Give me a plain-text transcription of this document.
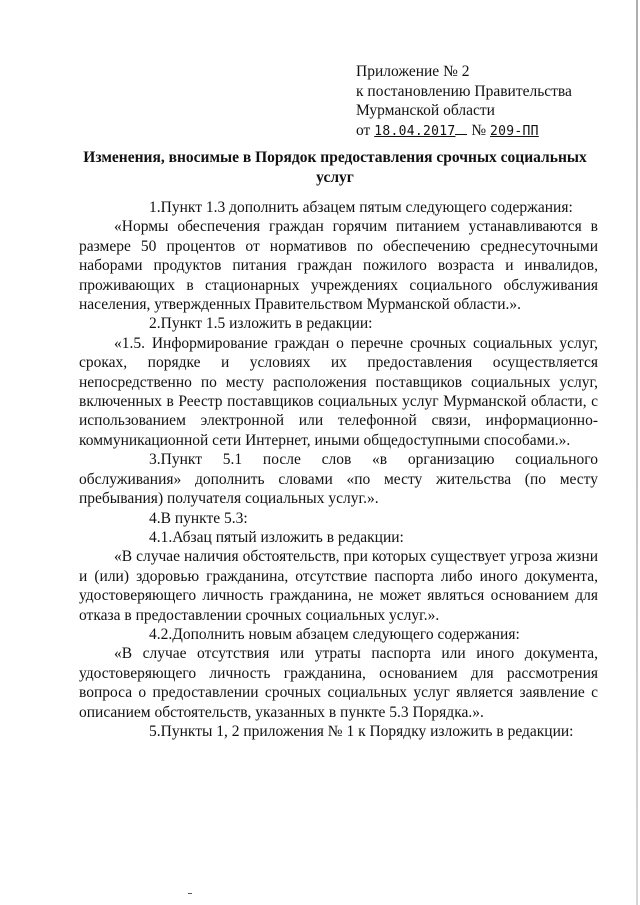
Приложение № 2
к постановлению Правительства
Мурманской области
от 18.04.2017 № 209-ПП
Изменения, вносимые в Порядок предоставления срочных социальных услуг

1.Пункт 1.3 дополнить абзацем пятым следующего содержания:

«Нормы обеспечения граждан горячим питанием устанавливаются в размере 50 процентов от нормативов по обеспечению среднесуточными наборами продуктов питания граждан пожилого возраста и инвалидов, проживающих в стационарных учреждениях социального обслуживания населения, утвержденных Правительством Мурманской области.».

2.Пункт 1.5 изложить в редакции:

«1.5. Информирование граждан о перечне срочных социальных услуг, сроках, порядке и условиях их предоставления осуществляется непосредственно по месту расположения поставщиков социальных услуг, включенных в Реестр поставщиков социальных услуг Мурманской области, с использованием электронной или телефонной связи, информационно-коммуникационной сети Интернет, иными общедоступными способами.».

3.Пункт 5.1 после слов «в организацию социального обслуживания» дополнить словами «по месту жительства (по месту пребывания) получателя социальных услуг.».

4.В пункте 5.3:

4.1.Абзац пятый изложить в редакции:

«В случае наличия обстоятельств, при которых существует угроза жизни и (или) здоровью гражданина, отсутствие паспорта либо иного документа, удостоверяющего личность гражданина, не может являться основанием для отказа в предоставлении срочных социальных услуг.».

4.2.Дополнить новым абзацем следующего содержания:

«В случае отсутствия или утраты паспорта или иного документа, удостоверяющего личность гражданина, основанием для рассмотрения вопроса о предоставлении срочных социальных услуг является заявление с описанием обстоятельств, указанных в пункте 5.3 Порядка.».

5.Пункты 1, 2 приложения № 1 к Порядку изложить в редакции:
